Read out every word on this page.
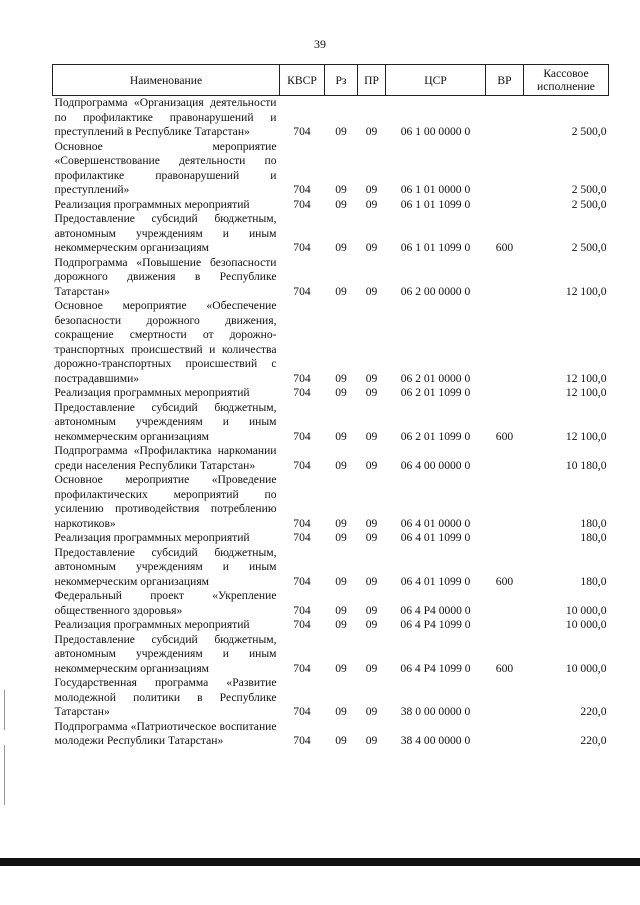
39
Наименование	КВСР	Рз	ПР	ЦСР	ВР	Кассовое исполнение
Подпрограмма «Организация деятельности по профилактике правонарушений и преступлений в Республике Татарстан»	704	09	09	06 1 00 0000 0		2 500,0
Основное мероприятие «Совершенствование деятельности по профилактике правонарушений и преступлений»	704	09	09	06 1 01 0000 0		2 500,0
Реализация программных мероприятий	704	09	09	06 1 01 1099 0		2 500,0
Предоставление субсидий бюджетным, автономным учреждениям и иным некоммерческим организациям	704	09	09	06 1 01 1099 0	600	2 500,0
Подпрограмма «Повышение безопасности дорожного движения в Республике Татарстан»	704	09	09	06 2 00 0000 0		12 100,0
Основное мероприятие «Обеспечение безопасности дорожного движения, сокращение смертности от дорожно-транспортных происшествий и количества дорожно-транспортных происшествий с пострадавшими»	704	09	09	06 2 01 0000 0		12 100,0
Реализация программных мероприятий	704	09	09	06 2 01 1099 0		12 100,0
Предоставление субсидий бюджетным, автономным учреждениям и иным некоммерческим организациям	704	09	09	06 2 01 1099 0	600	12 100,0
Подпрограмма «Профилактика наркомании среди населения Республики Татарстан»	704	09	09	06 4 00 0000 0		10 180,0
Основное мероприятие «Проведение профилактических мероприятий по усилению противодействия потреблению наркотиков»	704	09	09	06 4 01 0000 0		180,0
Реализация программных мероприятий	704	09	09	06 4 01 1099 0		180,0
Предоставление субсидий бюджетным, автономным учреждениям и иным некоммерческим организациям	704	09	09	06 4 01 1099 0	600	180,0
Федеральный проект «Укрепление общественного здоровья»	704	09	09	06 4 P4 0000 0		10 000,0
Реализация программных мероприятий	704	09	09	06 4 P4 1099 0		10 000,0
Предоставление субсидий бюджетным, автономным учреждениям и иным некоммерческим организациям	704	09	09	06 4 P4 1099 0	600	10 000,0
Государственная программа «Развитие молодежной политики в Республике Татарстан»	704	09	09	38 0 00 0000 0		220,0
Подпрограмма «Патриотическое воспитание молодежи Республики Татарстан»	704	09	09	38 4 00 0000 0		220,0
